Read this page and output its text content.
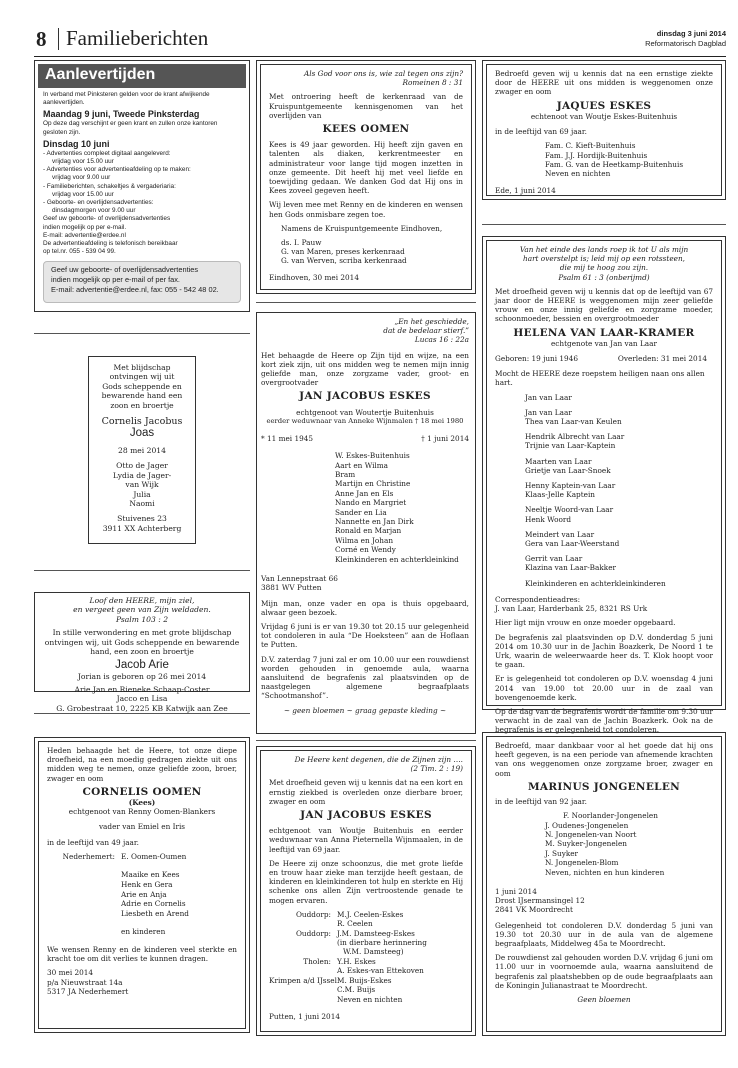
8 Familieberichten	dinsdag 3 juni 2014
Reformatorisch Dagblad
Aanlevertijden
In verband met Pinksteren gelden voor de krant afwijkende aanlevertijden.
Maandag 9 juni, Tweede Pinksterdag
Op deze dag verschijnt er geen krant en zullen onze kantoren gesloten zijn.
Dinsdag 10 juni
- Advertenties compleet digitaal aangeleverd:
vrijdag voor 15.00 uur
- Advertenties voor advertentieafdeling op te maken:
vrijdag voor 9.00 uur
- Familieberichten, schakeltjes & vergaderiaria:
vrijdag voor 15.00 uur
- Geboorte- en overlijdensadvertenties:
dinsdagmorgen voor 9.00 uur
Geef uw geboorte- of overlijdensadvertenties
indien mogelijk op per e-mail.
E-mail: advertentie@erdee.nl
De advertentieafdeling is telefonisch bereikbaar
op tel.nr. 055 - 539 04 99.
Geef uw geboorte- of overlijdensadvertenties
indien mogelijk op per e-mail of per fax.
E-mail: advertentie@erdee.nl, fax: 055 - 542 48 02.
Met blijdschap
ontvingen wij uit
Gods scheppende en
bewarende hand een
zoon en broertje
Cornelis Jacobus
Joas
28 mei 2014
Otto de Jager
Lydia de Jager-
van Wijk
Julia
Naomi
Stuivenes 23
3911 XX Achterberg
Loof den HEERE, mijn ziel,
en vergeet geen van Zijn weldaden.
Psalm 103 : 2
In stille verwondering en met grote blijdschap
ontvingen wij, uit Gods scheppende en bewarende
hand, een zoon en broertje
Jacob Arie
Jorian is geboren op 26 mei 2014
Arie Jan en Rieneke Schaap-Coster
Jacco en Lisa
G. Grobestraat 10, 2225 KB Katwijk aan Zee

Heden behaagde het de Heere, tot onze diepe droefheid, na een moedig gedragen ziekte uit ons midden weg te nemen, onze geliefde zoon, broer, zwager en oom

CORNELIS OOMEN
(Kees)
echtgenoot van Renny Oomen-Blankers
vader van Emiel en Iris

in de leeftijd van 49 jaar.

Nederhemert: E. Oomen-Oumen
Maaike en Kees
Henk en Gera
Arie en Anja
Adrie en Cornelis
Liesbeth en Arend
en kinderen

We wensen Renny en de kinderen veel sterkte en kracht toe om dit verlies te kunnen dragen.

30 mei 2014
p/a Nieuwstraat 14a
5317 JA Nederhemert
Als God voor ons is, wie zal tegen ons zijn?
Romeinen 8 : 31

Met ontroering heeft de kerkenraad van de Kruispuntgemeente kennisgenomen van het overlijden van

KEES OOMEN

Kees is 49 jaar geworden. Hij heeft zijn gaven en talenten als diaken, kerkrentmeester en administrateur voor lange tijd mogen inzetten in onze gemeente. Dit heeft hij met veel liefde en toewijding gedaan. We danken God dat Hij ons in Kees zoveel gegeven heeft.

Wij leven mee met Renny en de kinderen en wensen hen Gods onmisbare zegen toe.

Namens de Kruispuntgemeente Eindhoven,

ds. I. Pauw
G. van Maren, preses kerkenraad
G. van Werven, scriba kerkenraad
Eindhoven, 30 mei 2014
„En het geschiedde,
dat de bedelaar stierf.”
Lucas 16 : 22a

Het behaagde de Heere op Zijn tijd en wijze, na een kort ziek zijn, uit ons midden weg te nemen mijn innig geliefde man, onze zorgzame vader, groot- en overgrootvader

JAN JACOBUS ESKES
echtgenoot van Woutertje Buitenhuis
eerder weduwnaar van Anneke Wijnmalen † 18 mei 1980
* 11 mei 1945	† 1 juni 2014
W. Eskes-Buitenhuis
Aart en Wilma
Bram
Martijn en Christine
Anne Jan en Els
Nando en Margriet
Sander en Lia
Nannette en Jan Dirk
Ronald en Marjan
Wilma en Johan
Corné en Wendy
Kleinkinderen en achterkleinkind
Van Lennepstraat 66
3881 WV Putten

Mijn man, onze vader en opa is thuis opgebaard, alwaar geen bezoek.

Vrijdag 6 juni is er van 19.30 tot 20.15 uur gelegenheid tot condoleren in aula “De Hoeksteen” aan de Hoflaan te Putten.

D.V. zaterdag 7 juni zal er om 10.00 uur een rouwdienst worden gehouden in genoemde aula, waarna aansluitend de begrafenis zal plaatsvinden op de naastgelegen algemene begraafplaats “Schootmanshof”.

~ geen bloemen ~ graag gepaste kleding ~
De Heere kent degenen, die de Zijnen zijn ….
(2 Tim. 2 : 19)

Met droefheid geven wij u kennis dat na een kort en ernstig ziekbed is overleden onze dierbare broer, zwager en oom

JAN JACOBUS ESKES

echtgenoot van Woutje Buitenhuis en eerder weduwnaar van Anna Pieternella Wijnmaalen, in de leeftijd van 69 jaar.

De Heere zij onze schoonzus, die met grote liefde en trouw haar zieke man terzijde heeft gestaan, de kinderen en kleinkinderen tot hulp en sterkte en Hij schenke ons allen Zijn vertroostende genade te mogen ervaren.

Ouddorp: M.J. Ceelen-Eskes
R. Ceelen
Ouddorp: J.M. Damsteeg-Eskes
(in dierbare herinnering
W.M. Damsteeg)
Tholen: Y.H. Eskes
A. Eskes-van Ettekoven
Krimpen a/d IJssel:
M. Buijs-Eskes
C.M. Buijs
Neven en nichten
Putten, 1 juni 2014

Bedroefd geven wij u kennis dat na een ernstige ziekte door de HEERE uit ons midden is weggenomen onze zwager en oom

JAQUES ESKES
echtenoot van Woutje Eskes-Buitenhuis

in de leeftijd van 69 jaar.

Fam. C. Kieft-Buitenhuis
Fam. J.J. Hordijk-Buitenhuis
Fam. G. van de Heetkamp-Buitenhuis
Neven en nichten
Ede, 1 juni 2014
Van het einde des lands roep ik tot U als mijn
hart overstelpt is; leid mij op een rotssteen,
die mij te hoog zou zijn.
Psalm 61 : 3 (onberijmd)

Met droefheid geven wij u kennis dat op de leeftijd van 67 jaar door de HEERE is weggenomen mijn zeer geliefde vrouw en onze innig geliefde en zorgzame moeder, schoonmoeder, bessien en overgrootmoeder

HELENA VAN LAAR-KRAMER
echtgenote van Jan van Laar
Geboren: 19 juni 1946	Overleden: 31 mei 2014

Mocht de HEERE deze roepstem heiligen naan ons allen hart.

Jan van Laar
Jan van Laar
Thea van Laar-van Keulen
Hendrik Albrecht van Laar
Trijnie van Laar-Kaptein
Maarten van Laar
Grietje van Laar-Snoek
Henny Kaptein-van Laar
Klaas-Jelle Kaptein
Neeltje Woord-van Laar
Henk Woord
Meindert van Laar
Gera van Laar-Weerstand
Gerrit van Laar
Klazina van Laar-Bakker
Kleinkinderen en achterkleinkinderen
Correspondentieadres:

J. van Laar, Harderbank 25, 8321 RS Urk

Hier ligt mijn vrouw en onze moeder opgebaard.

De begrafenis zal plaatsvinden op D.V. donderdag 5 juni 2014 om 10.30 uur in de Jachin Boazkerk, De Noord 1 te Urk, waarin de weleerwaarde heer ds. T. Klok hoopt voor te gaan.

Er is gelegenheid tot condoleren op D.V. woensdag 4 juni 2014 van 19.00 tot 20.00 uur in de zaal van bovengenoemde kerk.

Op de dag van de begrafenis wordt de familie om 9.30 uur verwacht in de zaal van de Jachin Boazkerk. Ook na de begrafenis is er gelegenheid tot condoleren.

Bedroefd, maar dankbaar voor al het goede dat hij ons heeft gegeven, is na een periode van afnemende krachten van ons weggenomen onze zorgzame broer, zwager en oom

MARINUS JONGENELEN

in de leeftijd van 92 jaar.

F. Noorlander-Jongenelen
J. Oudenes-Jongenelen
N. Jongenelen-van Noort
M. Suyker-Jongenelen
J. Suyker
N. Jongenelen-Blom
Neven, nichten en hun kinderen
1 juni 2014
Drost IJsermansingel 12
2841 VK Moordrecht

Gelegenheid tot condoleren D.V. donderdag 5 juni van 19.30 tot 20.30 uur in de aula van de algemene begraafplaats, Middelweg 45a te Moordrecht.

De rouwdienst zal gehouden worden D.V. vrijdag 6 juni om 11.00 uur in voornoemde aula, waarna aansluitend de begrafenis zal plaatshebben op de oude begraafplaats aan de Koningin Julianastraat te Moordrecht.

Geen bloemen
